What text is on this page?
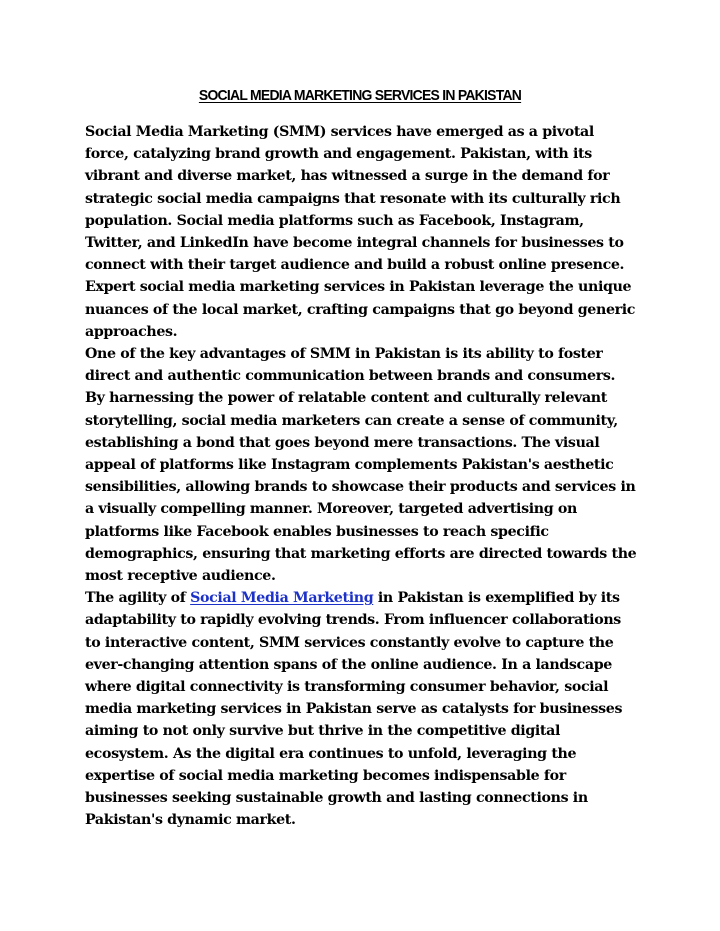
SOCIAL MEDIA MARKETING SERVICES IN PAKISTAN

Social Media Marketing (SMM) services have emerged as a pivotal force, catalyzing brand growth and engagement. Pakistan, with its vibrant and diverse market, has witnessed a surge in the demand for strategic social media campaigns that resonate with its culturally rich population. Social media platforms such as Facebook, Instagram, Twitter, and LinkedIn have become integral channels for businesses to connect with their target audience and build a robust online presence. Expert social media marketing services in Pakistan leverage the unique nuances of the local market, crafting campaigns that go beyond generic approaches.

One of the key advantages of SMM in Pakistan is its ability to foster direct and authentic communication between brands and consumers. By harnessing the power of relatable content and culturally relevant storytelling, social media marketers can create a sense of community, establishing a bond that goes beyond mere transactions. The visual appeal of platforms like Instagram complements Pakistan's aesthetic sensibilities, allowing brands to showcase their products and services in a visually compelling manner. Moreover, targeted advertising on platforms like Facebook enables businesses to reach specific demographics, ensuring that marketing efforts are directed towards the most receptive audience.

The agility of Social Media Marketing in Pakistan is exemplified by its adaptability to rapidly evolving trends. From influencer collaborations to interactive content, SMM services constantly evolve to capture the ever-changing attention spans of the online audience. In a landscape where digital connectivity is transforming consumer behavior, social media marketing services in Pakistan serve as catalysts for businesses aiming to not only survive but thrive in the competitive digital ecosystem. As the digital era continues to unfold, leveraging the expertise of social media marketing becomes indispensable for businesses seeking sustainable growth and lasting connections in Pakistan's dynamic market.
